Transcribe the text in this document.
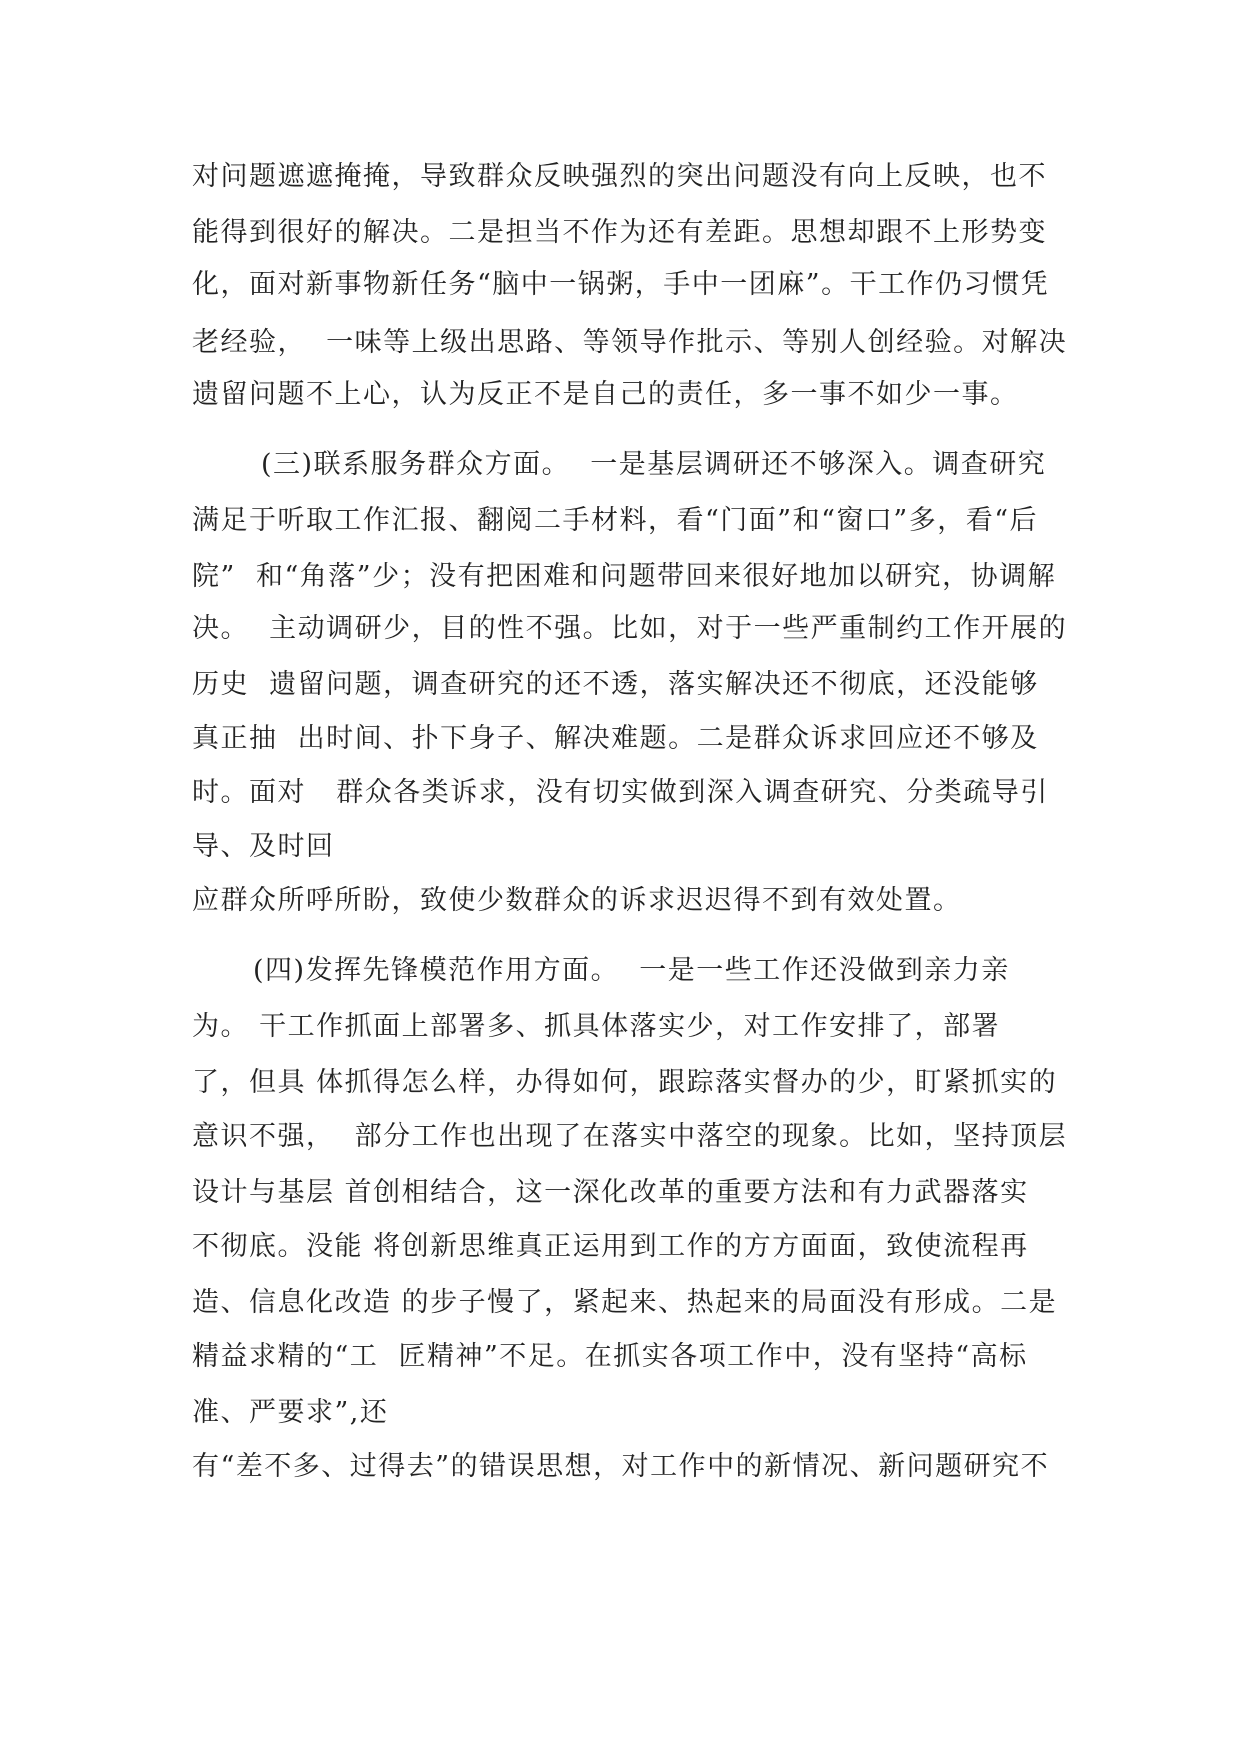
对问题遮遮掩掩，导致群众反映强烈的突出问题没有向上反映，也不
能得到很好的解决。二是担当不作为还有差距。思想却跟不上形势变
化，面对新事物新任务“脑中一锅粥，手中一团麻”。干工作仍习惯凭
老经验，  一味等上级出思路、等领导作批示、等别人创经验。对解决
遗留问题不上心，认为反正不是自己的责任，多一事不如少一事。
(三)联系服务群众方面。  一是基层调研还不够深入。调查研究
满足于听取工作汇报、翻阅二手材料，看“门面”和“窗口”多，看“后
院”  和“角落”少；没有把困难和问题带回来很好地加以研究，协调解
决。  主动调研少，目的性不强。比如，对于一些严重制约工作开展的
历史  遗留问题，调查研究的还不透，落实解决还不彻底，还没能够
真正抽  出时间、扑下身子、解决难题。二是群众诉求回应还不够及
时。面对   群众各类诉求，没有切实做到深入调查研究、分类疏导引
导、及时回
应群众所呼所盼，致使少数群众的诉求迟迟得不到有效处置。
(四)发挥先锋模范作用方面。  一是一些工作还没做到亲力亲
为。 干工作抓面上部署多、抓具体落实少，对工作安排了，部署
了，但具 体抓得怎么样，办得如何，跟踪落实督办的少，盯紧抓实的
意识不强，  部分工作也出现了在落实中落空的现象。比如，坚持顶层
设计与基层 首创相结合，这一深化改革的重要方法和有力武器落实
不彻底。没能 将创新思维真正运用到工作的方方面面，致使流程再
造、信息化改造 的步子慢了，紧起来、热起来的局面没有形成。二是
精益求精的“工  匠精神”不足。在抓实各项工作中，没有坚持“高标
准、严要求”,还
有“差不多、过得去”的错误思想，对工作中的新情况、新问题研究不
